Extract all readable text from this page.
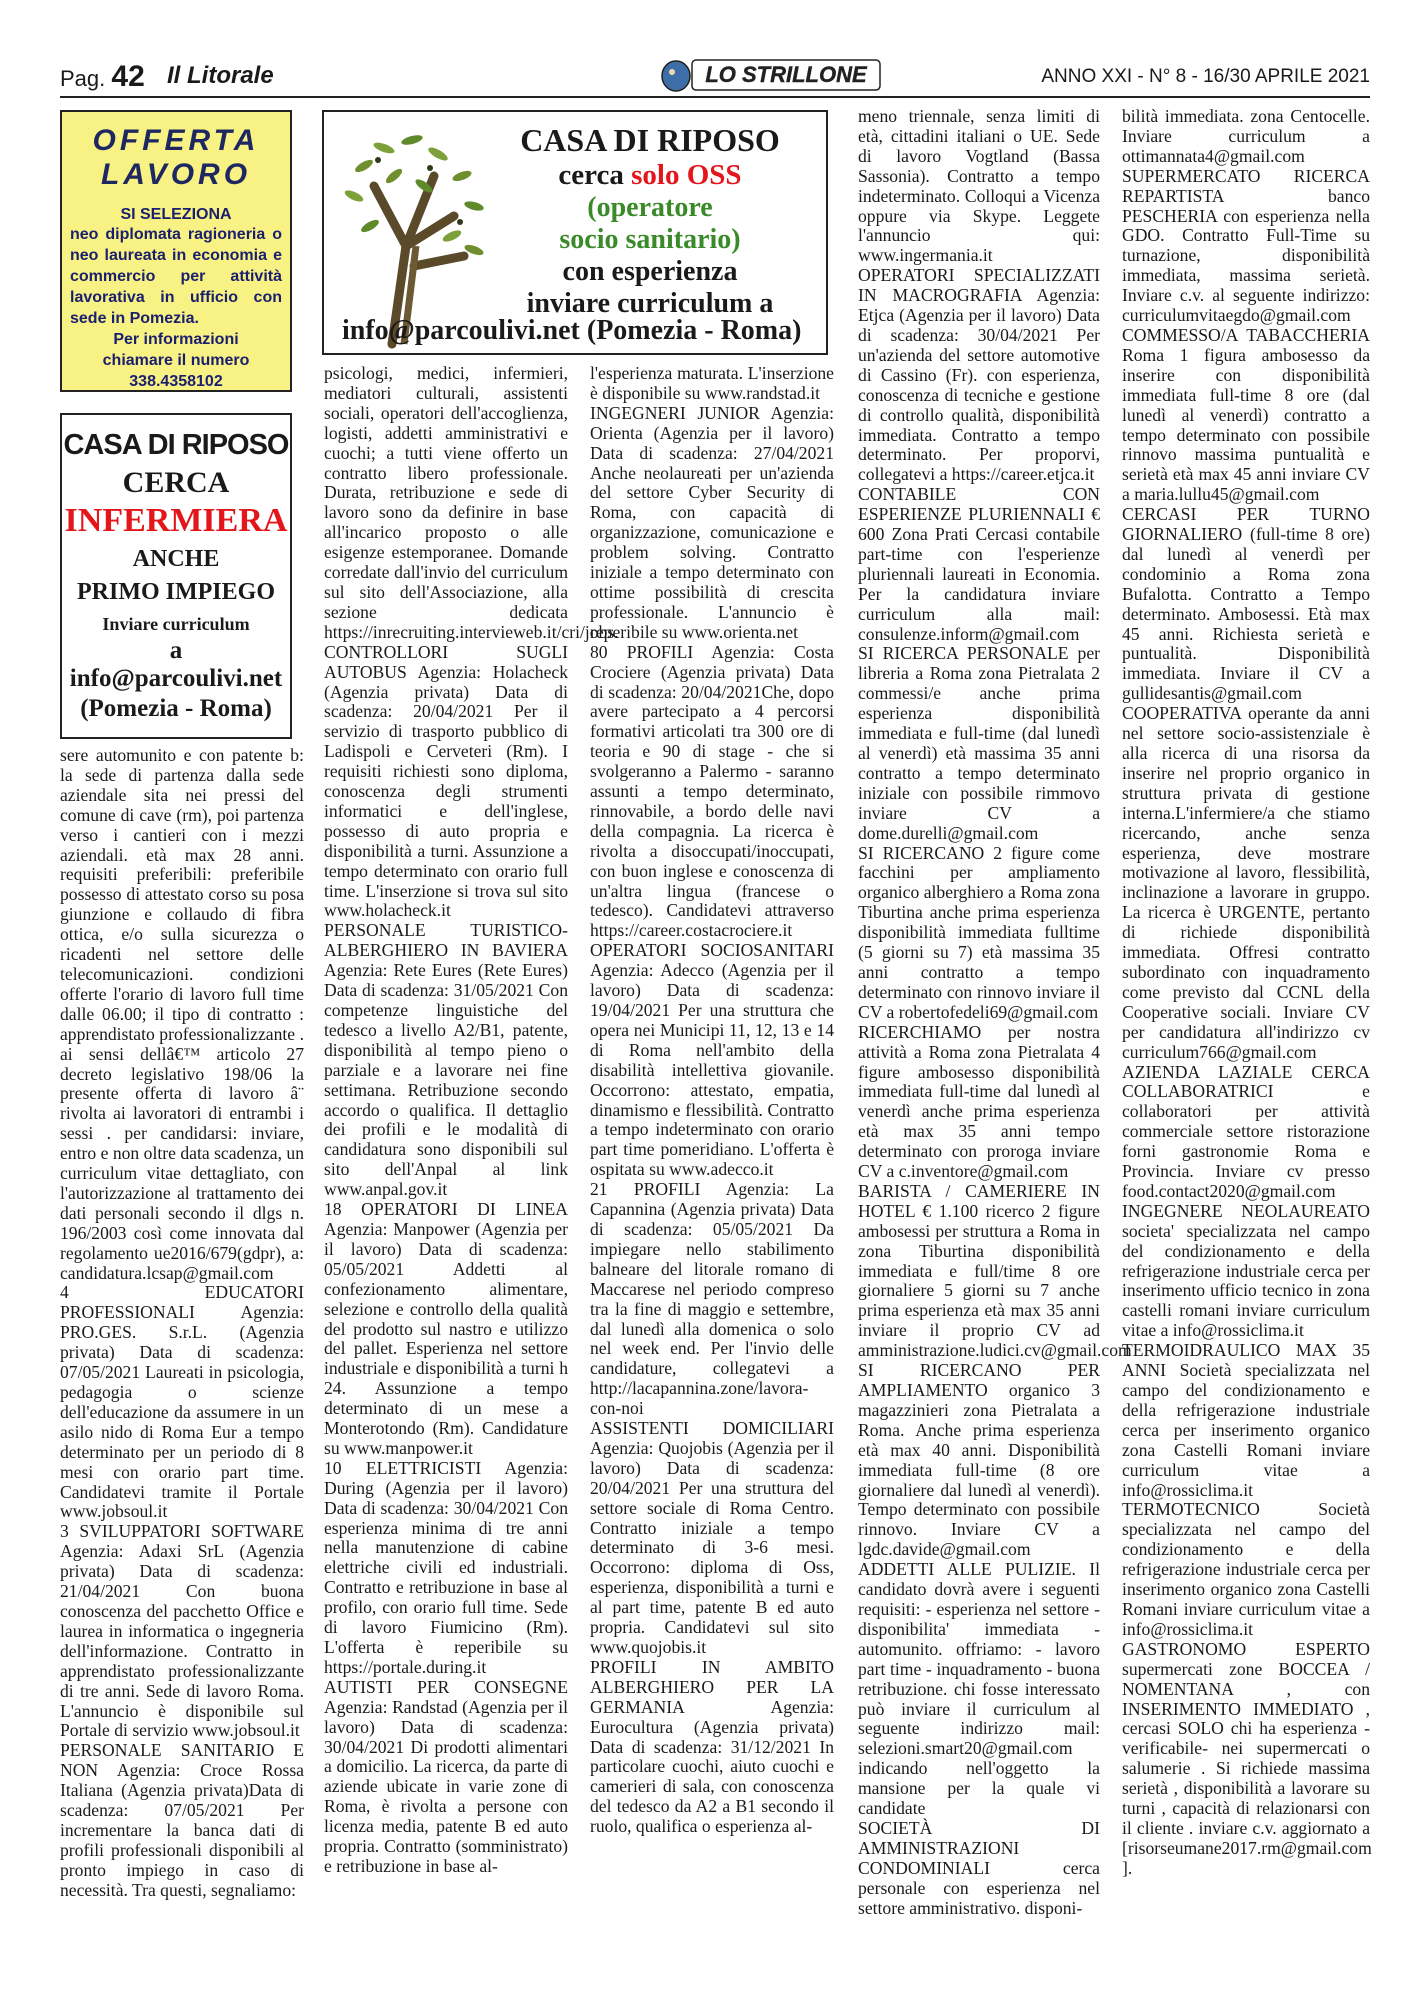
Pag. 42 Il Litorale	LO STRILLONE	ANNO XXI - N° 8 - 16/30 APRILE 2021
OFFERTA LAVORO
SI SELEZIONA
neo diplomata ragioneria o neo laureata in economia e commercio per attività lavorativa in ufficio con sede in Pomezia.
Per informazioni
chiamare il numero
338.4358102
CASA DI RIPOSO
CERCA
INFERMIERA
ANCHE
PRIMO IMPIEGO
Inviare curriculum
a info@parcoulivi.net
(Pomezia - Roma)
CASA DI RIPOSO
cerca solo OSS
(operatore
socio sanitario)
con esperienza
inviare curriculum a
info@parcoulivi.net (Pomezia - Roma)

sere automunito e con patente b: la sede di partenza dalla sede aziendale sita nei pressi del comune di cave (rm), poi partenza verso i cantieri con i mezzi aziendali. età max 28 anni. requisiti preferibili: preferibile possesso di attestato corso su posa giunzione e collaudo di fibra ottica, e/o sulla sicurezza o ricadenti nel settore delle telecomunicazioni. condizioni offerte l'orario di lavoro full time dalle 06.00; il tipo di contratto : apprendistato professionalizzante . ai sensi dellâ€™ articolo 27 decreto legislativo 198/06 la presente offerta di lavoro â¨ rivolta ai lavoratori di entrambi i sessi . per candidarsi: inviare, entro e non oltre data scadenza, un curriculum vitae dettagliato, con l'autorizzazione al trattamento dei dati personali secondo il dlgs n. 196/2003 così come innovata dal regolamento ue2016/679(gdpr), a: candidatura.lcsap@gmail.com

4 EDUCATORI PROFESSIONALI Agenzia: PRO.GES. S.r.L. (Agenzia privata) Data di scadenza: 07/05/2021 Laureati in psicologia, pedagogia o scienze dell'educazione da assumere in un asilo nido di Roma Eur a tempo determinato per un periodo di 8 mesi con orario part time. Candidatevi tramite il Portale www.jobsoul.it

3 SVILUPPATORI SOFTWARE Agenzia: Adaxi SrL (Agenzia privata) Data di scadenza: 21/04/2021 Con buona conoscenza del pacchetto Office e laurea in informatica o ingegneria dell'informazione. Contratto in apprendistato professionalizzante di tre anni. Sede di lavoro Roma. L'annuncio è disponibile sul Portale di servizio www.jobsoul.it

PERSONALE SANITARIO E NON Agenzia: Croce Rossa Italiana (Agenzia privata)Data di scadenza: 07/05/2021 Per incrementare la banca dati di profili professionali disponibili al pronto impiego in caso di necessità. Tra questi, segnaliamo:

psicologi, medici, infermieri, mediatori culturali, assistenti sociali, operatori dell'accoglienza, logisti, addetti amministrativi e cuochi; a tutti viene offerto un contratto libero professionale. Durata, retribuzione e sede di lavoro sono da definire in base all'incarico proposto o alle esigenze estemporanee. Domande corredate dall'invio del curriculum sul sito dell'Associazione, alla sezione dedicata https://inrecruiting.intervieweb.it/cri/jobs.

CONTROLLORI SUGLI AUTOBUS Agenzia: Holacheck (Agenzia privata) Data di scadenza: 20/04/2021 Per il servizio di trasporto pubblico di Ladispoli e Cerveteri (Rm). I requisiti richiesti sono diploma, conoscenza degli strumenti informatici e dell'inglese, possesso di auto propria e disponibilità a turni. Assunzione a tempo determinato con orario full time. L'inserzione si trova sul sito www.holacheck.it

PERSONALE TURISTICO-ALBERGHIERO IN BAVIERA Agenzia: Rete Eures (Rete Eures) Data di scadenza: 31/05/2021 Con competenze linguistiche del tedesco a livello A2/B1, patente, disponibilità al tempo pieno o parziale e a lavorare nei fine settimana. Retribuzione secondo accordo o qualifica. Il dettaglio dei profili e le modalità di candidatura sono disponibili sul sito dell'Anpal al link www.anpal.gov.it

18 OPERATORI DI LINEA Agenzia: Manpower (Agenzia per il lavoro) Data di scadenza: 05/05/2021 Addetti al confezionamento alimentare, selezione e controllo della qualità del prodotto sul nastro e utilizzo del pallet. Esperienza nel settore industriale e disponibilità a turni h 24. Assunzione a tempo determinato di un mese a Monterotondo (Rm). Candidature su www.manpower.it

10 ELETTRICISTI Agenzia: During (Agenzia per il lavoro) Data di scadenza: 30/04/2021 Con esperienza minima di tre anni nella manutenzione di cabine elettriche civili ed industriali. Contratto e retribuzione in base al profilo, con orario full time. Sede di lavoro Fiumicino (Rm). L'offerta è reperibile su https://portale.during.it

AUTISTI PER CONSEGNE Agenzia: Randstad (Agenzia per il lavoro) Data di scadenza: 30/04/2021 Di prodotti alimentari a domicilio. La ricerca, da parte di aziende ubicate in varie zone di Roma, è rivolta a persone con licenza media, patente B ed auto propria. Contratto (somministrato) e retribuzione in base al-

l'esperienza maturata. L'inserzione è disponibile su www.randstad.it

INGEGNERI JUNIOR Agenzia: Orienta (Agenzia per il lavoro) Data di scadenza: 27/04/2021 Anche neolaureati per un'azienda del settore Cyber Security di Roma, con capacità di organizzazione, comunicazione e problem solving. Contratto iniziale a tempo determinato con ottime possibilità di crescita professionale. L'annuncio è reperibile su www.orienta.net

80 PROFILI Agenzia: Costa Crociere (Agenzia privata) Data di scadenza: 20/04/2021Che, dopo avere partecipato a 4 percorsi formativi articolati tra 300 ore di teoria e 90 di stage - che si svolgeranno a Palermo - saranno assunti a tempo determinato, rinnovabile, a bordo delle navi della compagnia. La ricerca è rivolta a disoccupati/inoccupati, con buon inglese e conoscenza di un'altra lingua (francese o tedesco). Candidatevi attraverso https://career.costacrociere.it

OPERATORI SOCIOSANITARI Agenzia: Adecco (Agenzia per il lavoro) Data di scadenza: 19/04/2021 Per una struttura che opera nei Municipi 11, 12, 13 e 14 di Roma nell'ambito della disabilità intellettiva giovanile. Occorrono: attestato, empatia, dinamismo e flessibilità. Contratto a tempo indeterminato con orario part time pomeridiano. L'offerta è ospitata su www.adecco.it

21 PROFILI Agenzia: La Capannina (Agenzia privata) Data di scadenza: 05/05/2021 Da impiegare nello stabilimento balneare del litorale romano di Maccarese nel periodo compreso tra la fine di maggio e settembre, dal lunedì alla domenica o solo nel week end. Per l'invio delle candidature, collegatevi a http://lacapannina.zone/lavora-con-noi

ASSISTENTI DOMICILIARI Agenzia: Quojobis (Agenzia per il lavoro) Data di scadenza: 20/04/2021 Per una struttura del settore sociale di Roma Centro. Contratto iniziale a tempo determinato di 3-6 mesi. Occorrono: diploma di Oss, esperienza, disponibilità a turni e al part time, patente B ed auto propria. Candidatevi sul sito www.quojobis.it

PROFILI IN AMBITO ALBERGHIERO PER LA GERMANIA Agenzia: Eurocultura (Agenzia privata) Data di scadenza: 31/12/2021 In particolare cuochi, aiuto cuochi e camerieri di sala, con conoscenza del tedesco da A2 a B1 secondo il ruolo, qualifica o esperienza al-

meno triennale, senza limiti di età, cittadini italiani o UE. Sede di lavoro Vogtland (Bassa Sassonia). Contratto a tempo indeterminato. Colloqui a Vicenza oppure via Skype. Leggete l'annuncio qui: www.ingermania.it

OPERATORI SPECIALIZZATI IN MACROGRAFIA Agenzia: Etjca (Agenzia per il lavoro) Data di scadenza: 30/04/2021 Per un'azienda del settore automotive di Cassino (Fr). con esperienza, conoscenza di tecniche e gestione di controllo qualità, disponibilità immediata. Contratto a tempo determinato. Per proporvi, collegatevi a https://career.etjca.it

CONTABILE CON ESPERIENZE PLURIENNALI € 600 Zona Prati Cercasi contabile part-time con l'esperienze pluriennali laureati in Economia. Per la candidatura inviare curriculum alla mail: consulenze.inform@gmail.com

SI RICERCA PERSONALE per libreria a Roma zona Pietralata 2 commessi/e anche prima esperienza disponibilità immediata e full-time (dal lunedì al venerdì) età massima 35 anni contratto a tempo determinato iniziale con possibile rimmovo inviare CV a dome.durelli@gmail.com

SI RICERCANO 2 figure come facchini per ampliamento organico alberghiero a Roma zona Tiburtina anche prima esperienza disponibilità immediata fulltime (5 giorni su 7) età massima 35 anni contratto a tempo determinato con rinnovo inviare il CV a robertofedeli69@gmail.com

RICERCHIAMO per nostra attività a Roma zona Pietralata 4 figure ambosesso disponibilità immediata full-time dal lunedì al venerdì anche prima esperienza età max 35 anni tempo determinato con proroga inviare CV a c.inventore@gmail.com

BARISTA / CAMERIERE IN HOTEL € 1.100 ricerco 2 figure ambosessi per struttura a Roma in zona Tiburtina disponibilità immediata e full/time 8 ore giornaliere 5 giorni su 7 anche prima esperienza età max 35 anni inviare il proprio CV ad amministrazione.ludici.cv@gmail.com

SI RICERCANO PER AMPLIAMENTO organico 3 magazzinieri zona Pietralata a Roma. Anche prima esperienza età max 40 anni. Disponibilità immediata full-time (8 ore giornaliere dal lunedì al venerdì). Tempo determinato con possibile rinnovo. Inviare CV a lgdc.davide@gmail.com

ADDETTI ALLE PULIZIE. Il candidato dovrà avere i seguenti requisiti: - esperienza nel settore - disponibilita' immediata - automunito. offriamo: - lavoro part time - inquadramento - buona retribuzione. chi fosse interessato può inviare il curriculum al seguente indirizzo mail: selezioni.smart20@gmail.com indicando nell'oggetto la mansione per la quale vi candidate

SOCIETÀ DI AMMINISTRAZIONI CONDOMINIALI cerca personale con esperienza nel settore amministrativo. disponi-

bilità immediata. zona Centocelle. Inviare curriculum a ottimannata4@gmail.com

SUPERMERCATO RICERCA REPARTISTA banco PESCHERIA con esperienza nella GDO. Contratto Full-Time su turnazione, disponibilità immediata, massima serietà. Inviare c.v. al seguente indirizzo: curriculumvitaegdo@gmail.com

COMMESSO/A TABACCHERIA Roma 1 figura ambosesso da inserire con disponibilità immediata full-time 8 ore (dal lunedì al venerdì) contratto a tempo determinato con possibile rinnovo massima puntualità e serietà età max 45 anni inviare CV a maria.lullu45@gmail.com

CERCASI PER TURNO GIORNALIERO (full-time 8 ore) dal lunedì al venerdì per condominio a Roma zona Bufalotta. Contratto a Tempo determinato. Ambosessi. Età max 45 anni. Richiesta serietà e puntualità. Disponibilità immediata. Inviare il CV a gullidesantis@gmail.com

COOPERATIVA operante da anni nel settore socio-assistenziale è alla ricerca di una risorsa da inserire nel proprio organico in struttura privata di gestione interna.L'infermiere/a che stiamo ricercando, anche senza esperienza, deve mostrare motivazione al lavoro, flessibilità, inclinazione a lavorare in gruppo. La ricerca è URGENTE, pertanto di richiede disponibilità immediata. Offresi contratto subordinato con inquadramento come previsto dal CCNL della Cooperative sociali. Inviare CV per candidatura all'indirizzo cv curriculum766@gmail.com

AZIENDA LAZIALE CERCA COLLABORATRICI e collaboratori per attività commerciale settore ristorazione forni gastronomie Roma e Provincia. Inviare cv presso food.contact2020@gmail.com

INGEGNERE NEOLAUREATO societa' specializzata nel campo del condizionamento e della refrigerazione industriale cerca per inserimento ufficio tecnico in zona castelli romani inviare curriculum vitae a info@rossiclima.it

TERMOIDRAULICO MAX 35 ANNI Società specializzata nel campo del condizionamento e della refrigerazione industriale cerca per inserimento organico zona Castelli Romani inviare curriculum vitae a info@rossiclima.it

TERMOTECNICO Società specializzata nel campo del condizionamento e della refrigerazione industriale cerca per inserimento organico zona Castelli Romani inviare curriculum vitae a info@rossiclima.it

GASTRONOMO ESPERTO supermercati zone BOCCEA / NOMENTANA , con INSERIMENTO IMMEDIATO , cercasi SOLO chi ha esperienza - verificabile- nei supermercati o salumerie . Si richiede massima serietà , disponibilità a lavorare su turni , capacità di relazionarsi con il cliente . inviare c.v. aggiornato a [risorseumane2017.rm@gmail.com ].
